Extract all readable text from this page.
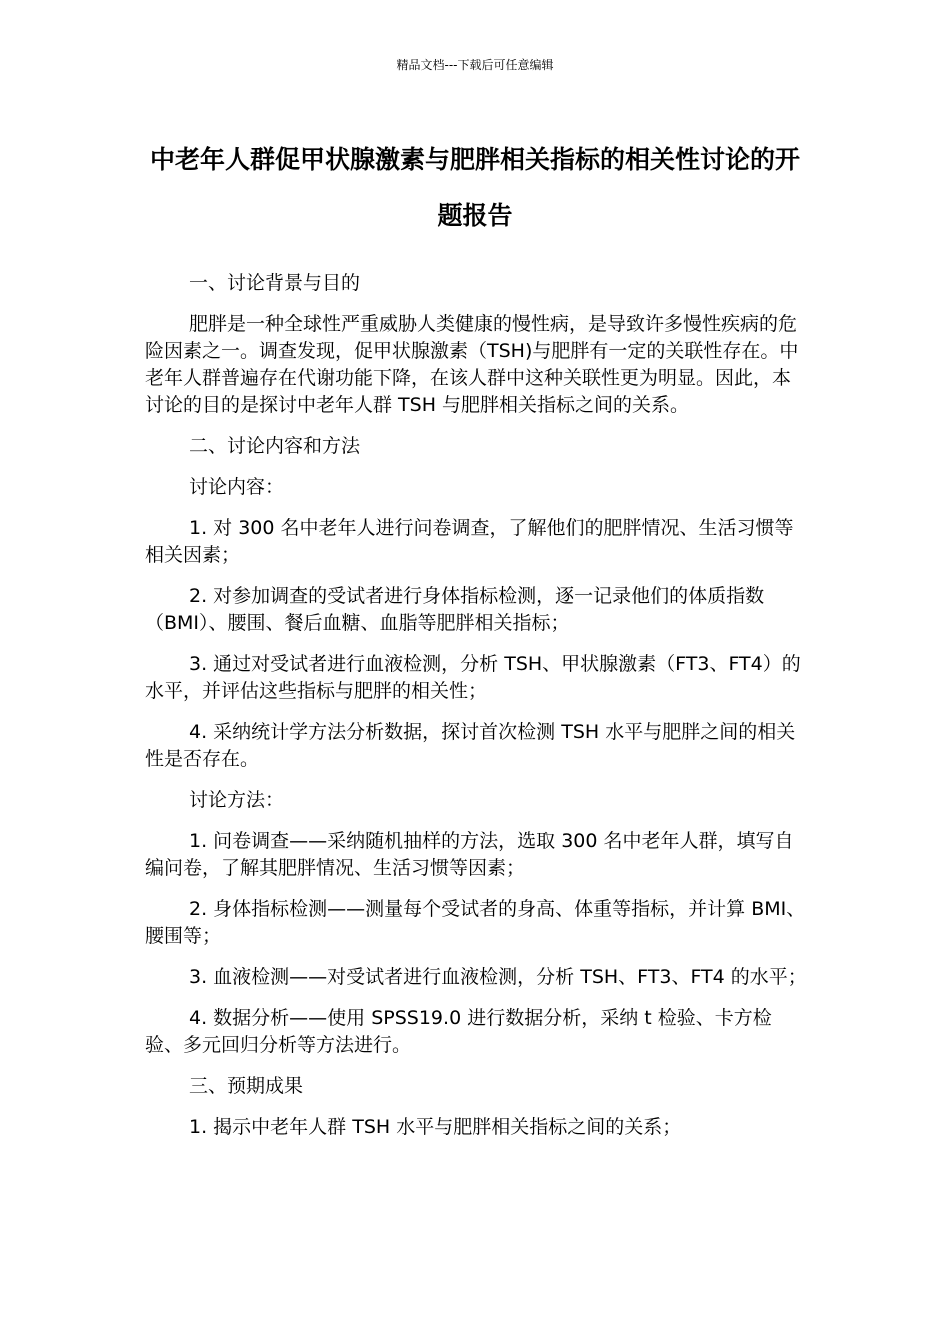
精品文档---下载后可任意编辑
中老年人群促甲状腺激素与肥胖相关指标的相关性讨论的开题报告

一、讨论背景与目的

肥胖是一种全球性严重威胁人类健康的慢性病，是导致许多慢性疾病的危险因素之一。调查发现，促甲状腺激素（TSH)与肥胖有一定的关联性存在。中老年人群普遍存在代谢功能下降，在该人群中这种关联性更为明显。因此，本讨论的目的是探讨中老年人群 TSH 与肥胖相关指标之间的关系。

二、讨论内容和方法

讨论内容：

1. 对 300 名中老年人进行问卷调查，了解他们的肥胖情况、生活习惯等相关因素；

2. 对参加调查的受试者进行身体指标检测，逐一记录他们的体质指数（BMI）、腰围、餐后血糖、血脂等肥胖相关指标；

3. 通过对受试者进行血液检测，分析 TSH、甲状腺激素（FT3、FT4）的水平，并评估这些指标与肥胖的相关性；

4. 采纳统计学方法分析数据，探讨首次检测 TSH 水平与肥胖之间的相关性是否存在。

讨论方法：

1. 问卷调查——采纳随机抽样的方法，选取 300 名中老年人群，填写自编问卷，了解其肥胖情况、生活习惯等因素；

2. 身体指标检测——测量每个受试者的身高、体重等指标，并计算 BMI、腰围等；

3. 血液检测——对受试者进行血液检测，分析 TSH、FT3、FT4 的水平；

4. 数据分析——使用 SPSS19.0 进行数据分析，采纳 t 检验、卡方检验、多元回归分析等方法进行。

三、预期成果

1. 揭示中老年人群 TSH 水平与肥胖相关指标之间的关系；
